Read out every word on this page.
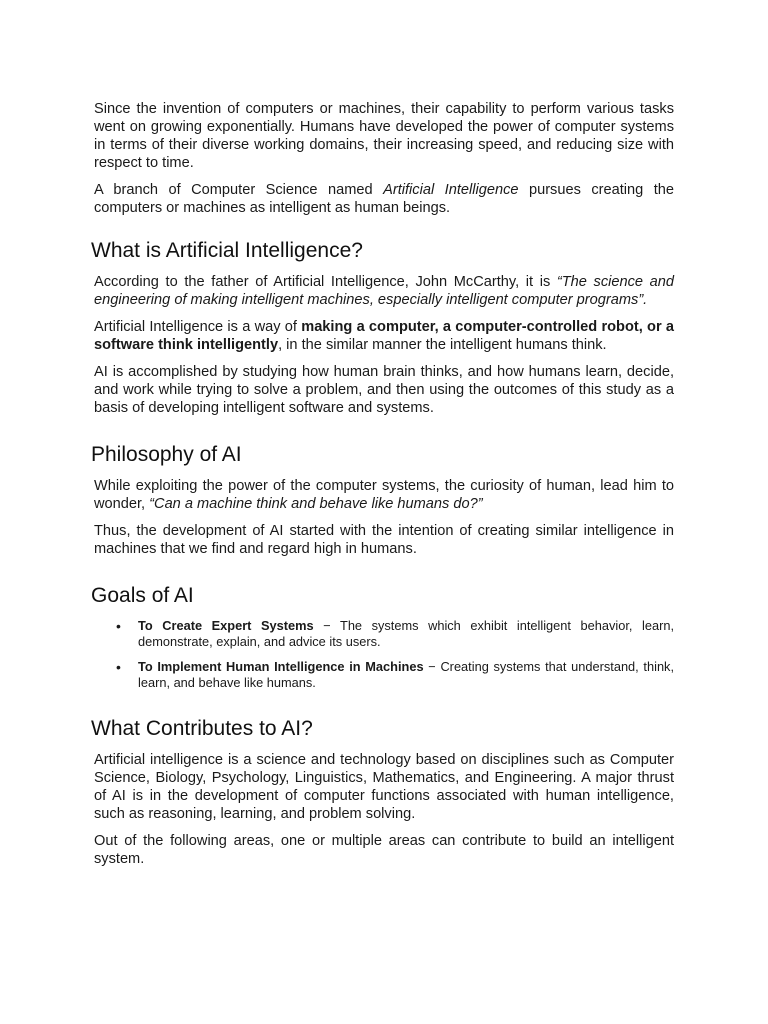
Since the invention of computers or machines, their capability to perform various tasks went on growing exponentially. Humans have developed the power of computer systems in terms of their diverse working domains, their increasing speed, and reducing size with respect to time.

A branch of Computer Science named Artificial Intelligence pursues creating the computers or machines as intelligent as human beings.

What is Artificial Intelligence?

According to the father of Artificial Intelligence, John McCarthy, it is “The science and engineering of making intelligent machines, especially intelligent computer programs”.

Artificial Intelligence is a way of making a computer, a computer-controlled robot, or a software think intelligently, in the similar manner the intelligent humans think.

AI is accomplished by studying how human brain thinks, and how humans learn, decide, and work while trying to solve a problem, and then using the outcomes of this study as a basis of developing intelligent software and systems.

Philosophy of AI

While exploiting the power of the computer systems, the curiosity of human, lead him to wonder, “Can a machine think and behave like humans do?”

Thus, the development of AI started with the intention of creating similar intelligence in machines that we find and regard high in humans.

Goals of AI
• To Create Expert Systems − The systems which exhibit intelligent behavior, learn, demonstrate, explain, and advice its users.
• To Implement Human Intelligence in Machines − Creating systems that understand, think, learn, and behave like humans.
What Contributes to AI?

Artificial intelligence is a science and technology based on disciplines such as Computer Science, Biology, Psychology, Linguistics, Mathematics, and Engineering. A major thrust of AI is in the development of computer functions associated with human intelligence, such as reasoning, learning, and problem solving.

Out of the following areas, one or multiple areas can contribute to build an intelligent system.
